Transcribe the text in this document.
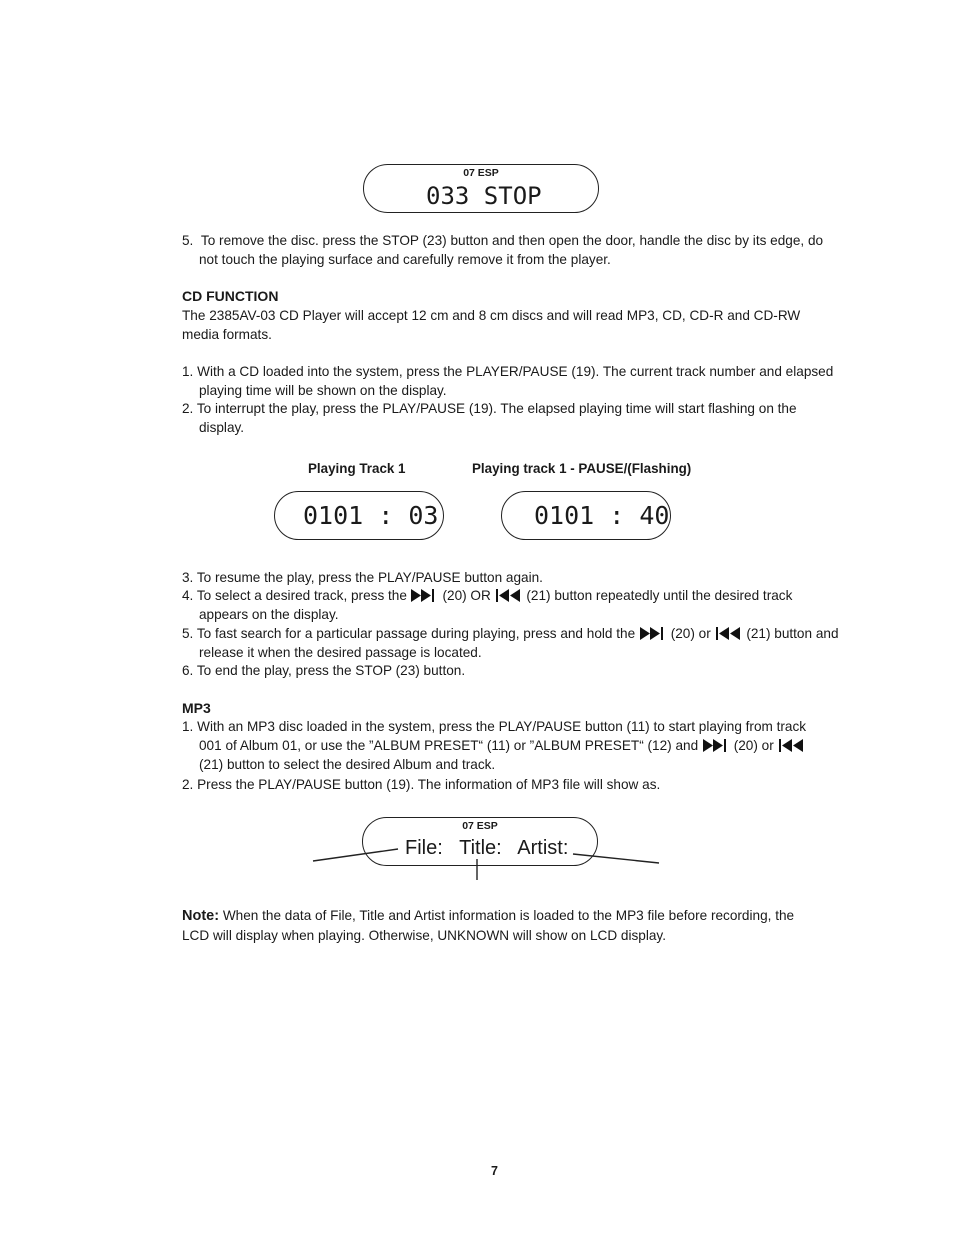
07 ESP
033 STOP
5. To remove the disc. press the STOP (23) button and then open the door, handle the disc by its edge, do not touch the playing surface and carefully remove it from the player.
CD FUNCTION
The 2385AV-03 CD Player will accept 12 cm and 8 cm discs and will read MP3, CD, CD-R and CD-RW media formats.
1. With a CD loaded into the system, press the PLAYER/PAUSE (19). The current track number and elapsed playing time will be shown on the display.
2. To interrupt the play, press the PLAY/PAUSE (19). The elapsed playing time will start flashing on the display.
Playing Track 1	Playing track 1 - PAUSE/(Flashing)
0101 : 03	0101 : 40
3. To resume the play, press the PLAY/PAUSE button again.
4. To select a desired track, press the
(20) OR
(21) button repeatedly until the desired track appears on the display.
5. To fast search for a particular passage during playing, press and hold the
(20) or
(21) button and release it when the desired passage is located.
6. To end the play, press the STOP (23) button.
MP3
1. With an MP3 disc loaded in the system, press the PLAY/PAUSE button (11) to start playing from track 001 of Album 01, or use the ”ALBUM PRESET“ (11) or ”ALBUM PRESET“ (12) and
(20) or
(21) button to select the desired Album and track.
2. Press the PLAY/PAUSE button (19). The information of MP3 file will show as.
07 ESP
File: Title: Artist:
Note: When the data of File, Title and Artist information is loaded to the MP3 file before recording, the LCD will display when playing. Otherwise, UNKNOWN will show on LCD display.
7
